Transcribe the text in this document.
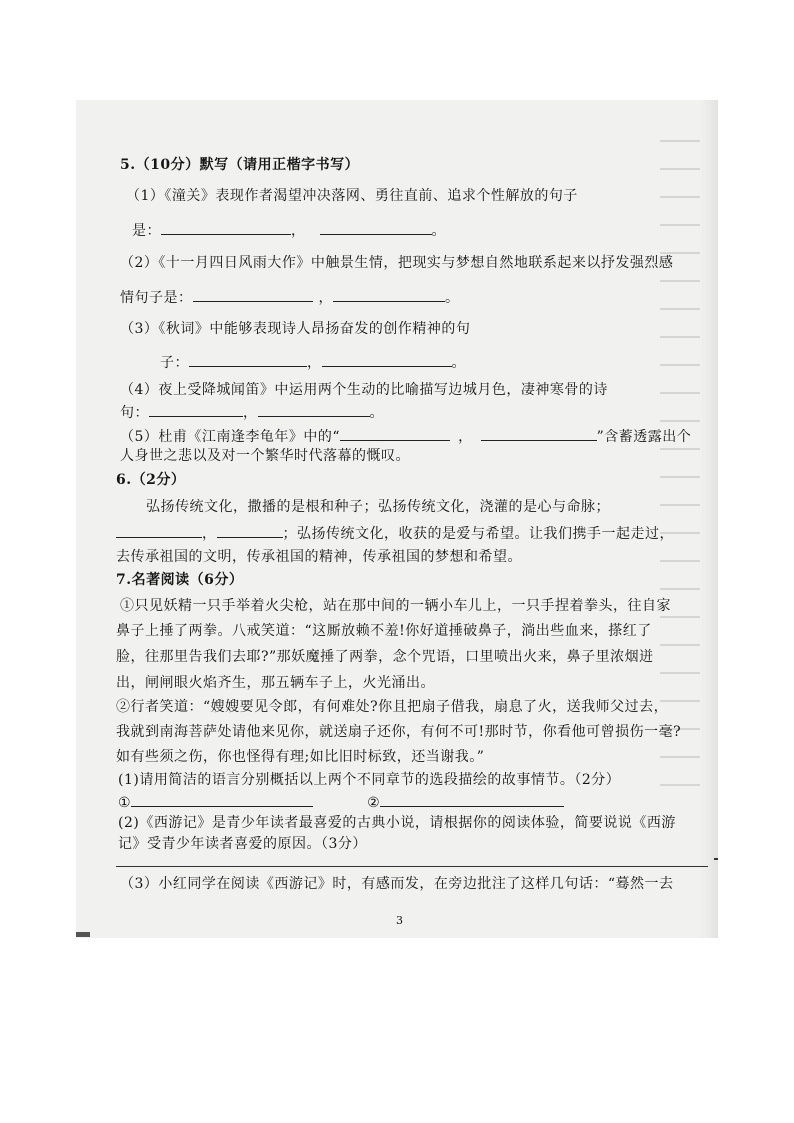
5.（10分）默写（请用正楷字书写）
（1）《潼关》表现作者渴望冲决落网、勇往直前、追求个性解放的句子
是：	，	。
（2）《十一月四日风雨大作》中触景生情，把现实与梦想自然地联系起来以抒发强烈感
情句子是：	，	。
（3）《秋词》中能够表现诗人昂扬奋发的创作精神的句
子：	，	。
（4）夜上受降城闻笛》中运用两个生动的比喻描写边城月色，凄神寒骨的诗
句：	，	。
（5）杜甫《江南逢李龟年》中的“	，	”含蓄透露出个
人身世之悲以及对一个繁华时代落幕的慨叹。
6.（2分）
弘扬传统文化，撒播的是根和种子；弘扬传统文化，浇灌的是心与命脉；
，	；弘扬传统文化，收获的是爱与希望。让我们携手一起走过，
去传承祖国的文明，传承祖国的精神，传承祖国的梦想和希望。
7.名著阅读（6分）
①只见妖精一只手举着火尖枪，站在那中间的一辆小车儿上，一只手捏着拳头，往自家
鼻子上捶了两拳。八戒笑道：“这厮放赖不羞!你好道捶破鼻子，淌出些血来，搽红了
脸，往那里告我们去耶?”那妖魔捶了两拳，念个咒语，口里喷出火来，鼻子里浓烟迸
出，闸闸眼火焰齐生，那五辆车子上，火光涌出。
②行者笑道：“嫂嫂要见令郎，有何难处?你且把扇子借我，扇息了火，送我师父过去，
我就到南海菩萨处请他来见你，就送扇子还你，有何不可!那时节，你看他可曾损伤一毫?
如有些须之伤，你也怪得有理;如比旧时标致，还当谢我。”
(1)请用简洁的语言分别概括以上两个不同章节的选段描绘的故事情节。（2分）
①	②
(2)《西游记》是青少年读者最喜爱的古典小说，请根据你的阅读体验，简要说说《西游
记》受青少年读者喜爱的原因。（3分）
（3）小红同学在阅读《西游记》时，有感而发，在旁边批注了这样几句话：“蓦然一去
3
